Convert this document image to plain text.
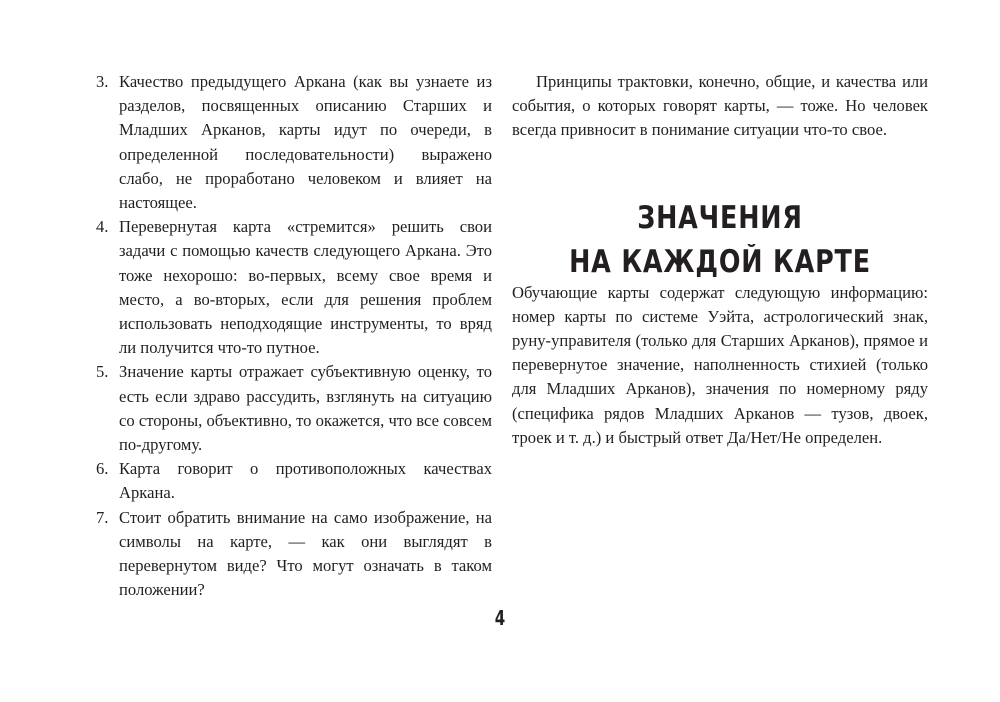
3. Качество предыдущего Аркана (как вы узнаете из разделов, посвященных описанию Старших и Младших Арканов, карты идут по очереди, в определенной последовательности) выражено слабо, не проработано человеком и влияет на настоящее.
4. Перевернутая карта «стремится» решить свои задачи с помощью качеств следующего Аркана. Это тоже нехорошо: во-первых, всему свое время и место, а во-вторых, если для решения проблем использовать неподходящие инструменты, то вряд ли получится что-то путное.
5. Значение карты отражает субъективную оценку, то есть если здраво рассудить, взглянуть на ситуацию со стороны, объективно, то окажется, что все совсем по-другому.
6. Карта говорит о противоположных качествах Аркана.
7. Стоит обратить внимание на само изображение, на символы на карте, — как они выглядят в перевернутом виде? Что могут означать в таком положении?

Принципы трактовки, конечно, общие, и качества или события, о которых говорят карты, — тоже. Но человек всегда привносит в понимание ситуации что-то свое.

Обучающие карты содержат следующую информацию: номер карты по системе Уэйта, астрологический знак, руну-управителя (только для Старших Арканов), прямое и перевернутое значение, наполненность стихией (только для Младших Арканов), значения по номерному ряду (специфика рядов Младших Арканов — тузов, двоек, троек и т. д.) и быстрый ответ Да/Нет/Не определен.

ЗНАЧЕНИЯ
НА КАЖДОЙ КАРТЕ
4
